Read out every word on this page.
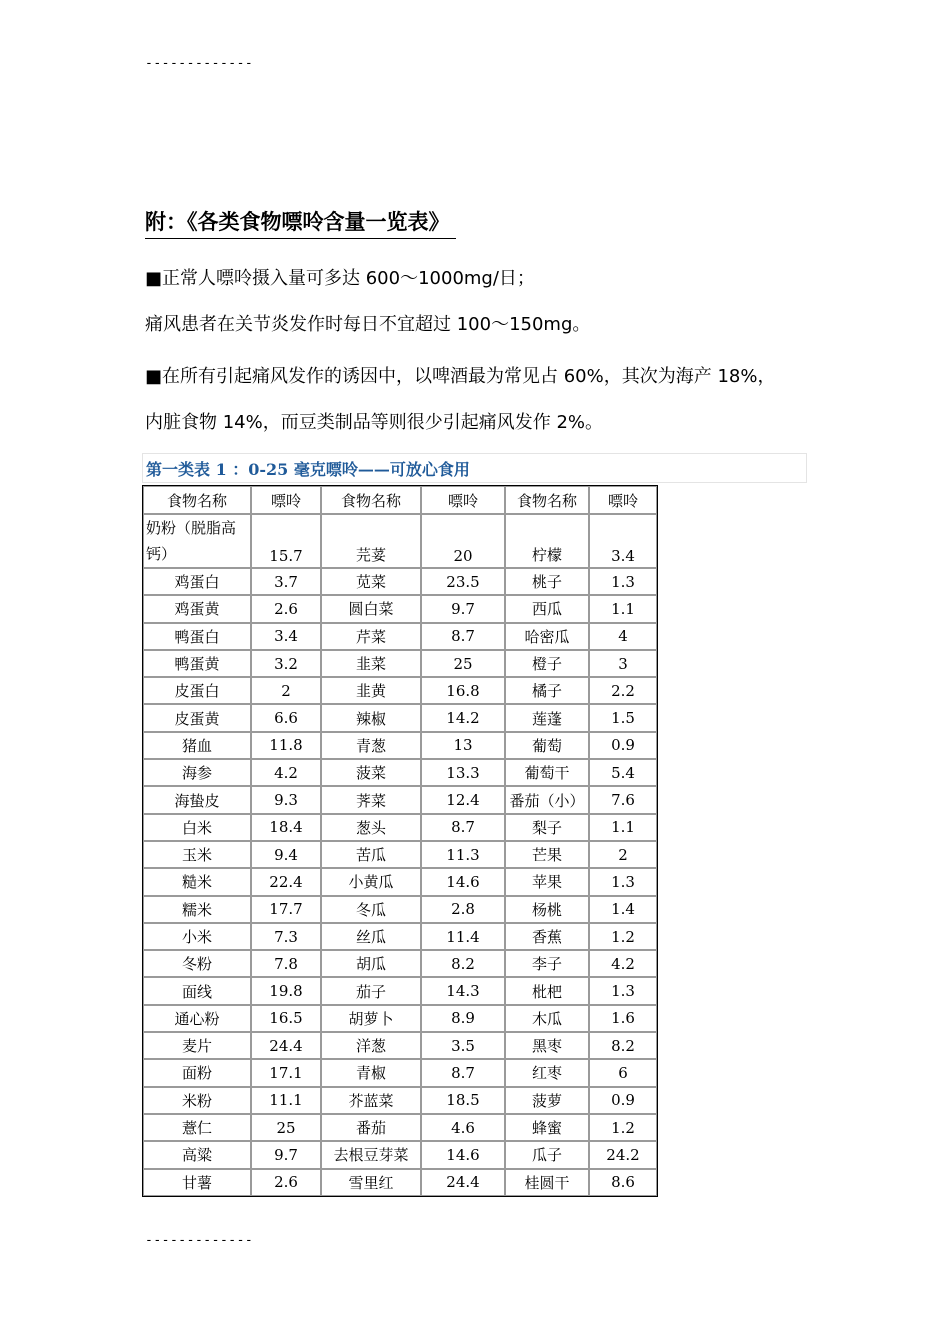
-------------
附：《各类食物嘌呤含量一览表》
■正常人嘌呤摄入量可多达 600～1000mg/日；
痛风患者在关节炎发作时每日不宜超过 100～150mg。
■在所有引起痛风发作的诱因中，以啤酒最为常见占 60%，其次为海产 18%，
内脏食物 14%，而豆类制品等则很少引起痛风发作 2%。
第一类表 1 ：0-25 毫克嘌呤——可放心食用
食物名称	嘌呤	食物名称	嘌呤	食物名称	嘌呤
奶粉（脱脂高钙）	15.7	芫荽	20	柠檬	3.4
鸡蛋白	3.7	苋菜	23.5	桃子	1.3
鸡蛋黄	2.6	圆白菜	9.7	西瓜	1.1
鸭蛋白	3.4	芹菜	8.7	哈密瓜	4
鸭蛋黄	3.2	韭菜	25	橙子	3
皮蛋白	2	韭黄	16.8	橘子	2.2
皮蛋黄	6.6	辣椒	14.2	莲蓬	1.5
猪血	11.8	青葱	13	葡萄	0.9
海参	4.2	菠菜	13.3	葡萄干	5.4
海蛰皮	9.3	荠菜	12.4	番茄（小）	7.6
白米	18.4	葱头	8.7	梨子	1.1
玉米	9.4	苦瓜	11.3	芒果	2
糙米	22.4	小黄瓜	14.6	苹果	1.3
糯米	17.7	冬瓜	2.8	杨桃	1.4
小米	7.3	丝瓜	11.4	香蕉	1.2
冬粉	7.8	胡瓜	8.2	李子	4.2
面线	19.8	茄子	14.3	枇杷	1.3
通心粉	16.5	胡萝卜	8.9	木瓜	1.6
麦片	24.4	洋葱	3.5	黑枣	8.2
面粉	17.1	青椒	8.7	红枣	6
米粉	11.1	芥蓝菜	18.5	菠萝	0.9
薏仁	25	番茄	4.6	蜂蜜	1.2
高粱	9.7	去根豆芽菜	14.6	瓜子	24.2
甘薯	2.6	雪里红	24.4	桂圆干	8.6
-------------
